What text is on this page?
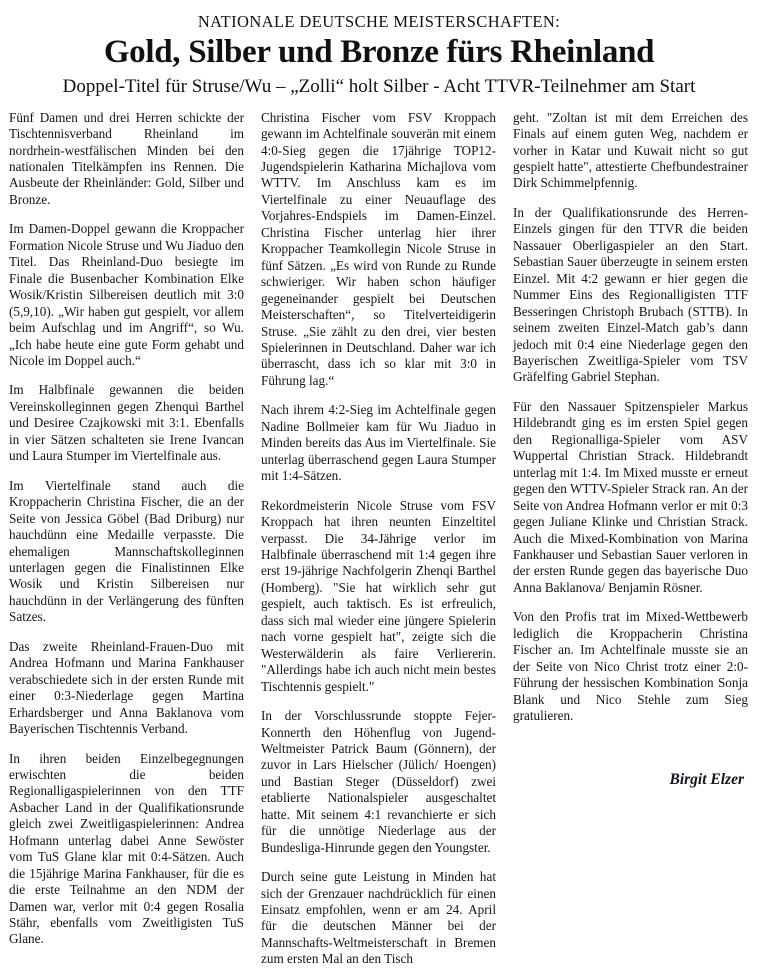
NATIONALE DEUTSCHE MEISTERSCHAFTEN:
Gold, Silber und Bronze fürs Rheinland
Doppel-Titel für Struse/Wu – „Zolli“ holt Silber - Acht TTVR-Teilnehmer am Start

Fünf Damen und drei Herren schickte der Tischtennisverband Rheinland im nordrhein-westfälischen Minden bei den nationalen Titelkämpfen ins Rennen. Die Ausbeute der Rheinländer: Gold, Silber und Bronze.

Im Damen-Doppel gewann die Kroppacher Formation Nicole Struse und Wu Jiaduo den Titel. Das Rheinland-Duo besiegte im Finale die Busenbacher Kombination Elke Wosik/Kristin Silbereisen deutlich mit 3:0 (5,9,10). „Wir haben gut gespielt, vor allem beim Aufschlag und im Angriff“, so Wu. „Ich habe heute eine gute Form gehabt und Nicole im Doppel auch.“

Im Halbfinale gewannen die beiden Vereinskolleginnen gegen Zhenqui Barthel und Desiree Czajkowski mit 3:1. Ebenfalls in vier Sätzen schalteten sie Irene Ivancan und Laura Stumper im Viertelfinale aus.

Im Viertelfinale stand auch die Kroppacherin Christina Fischer, die an der Seite von Jessica Göbel (Bad Driburg) nur hauchdünn eine Medaille verpasste. Die ehemaligen Mannschaftskolleginnen unterlagen gegen die Finalistinnen Elke Wosik und Kristin Silbereisen nur hauchdünn in der Verlängerung des fünften Satzes.

Das zweite Rheinland-Frauen-Duo mit Andrea Hofmann und Marina Fankhauser verabschiedete sich in der ersten Runde mit einer 0:3-Niederlage gegen Martina Erhardsberger und Anna Baklanova vom Bayerischen Tischtennis Verband.

In ihren beiden Einzelbegegnungen erwischten die beiden Regionalligaspielerinnen von den TTF Asbacher Land in der Qualifikationsrunde gleich zwei Zweitligaspielerinnen: Andrea Hofmann unterlag dabei Anne Sewöster vom TuS Glane klar mit 0:4-Sätzen. Auch die 15jährige Marina Fankhauser, für die es die erste Teilnahme an den NDM der Damen war, verlor mit 0:4 gegen Rosalia Stähr, ebenfalls vom Zweitligisten TuS Glane.

Christina Fischer vom FSV Kroppach gewann im Achtelfinale souverän mit einem 4:0-Sieg gegen die 17jährige TOP12-Jugendspielerin Katharina Michajlova vom WTTV. Im Anschluss kam es im Viertelfinale zu einer Neuauflage des Vorjahres-Endspiels im Damen-Einzel. Christina Fischer unterlag hier ihrer Kroppacher Teamkollegin Nicole Struse in fünf Sätzen. „Es wird von Runde zu Runde schwieriger. Wir haben schon häufiger gegeneinander gespielt bei Deutschen Meisterschaften“, so Titelverteidigerin Struse. „Sie zählt zu den drei, vier besten Spielerinnen in Deutschland. Daher war ich überrascht, dass ich so klar mit 3:0 in Führung lag.“

Nach ihrem 4:2-Sieg im Achtelfinale gegen Nadine Bollmeier kam für Wu Jiaduo in Minden bereits das Aus im Viertelfinale. Sie unterlag überraschend gegen Laura Stumper mit 1:4-Sätzen.

Rekordmeisterin Nicole Struse vom FSV Kroppach hat ihren neunten Einzeltitel verpasst. Die 34-Jährige verlor im Halbfinale überraschend mit 1:4 gegen ihre erst 19-jährige Nachfolgerin Zhenqi Barthel (Homberg). "Sie hat wirklich sehr gut gespielt, auch taktisch. Es ist erfreulich, dass sich mal wieder eine jüngere Spielerin nach vorne gespielt hat", zeigte sich die Westerwälderin als faire Verliererin. "Allerdings habe ich auch nicht mein bestes Tischtennis gespielt."

In der Vorschlussrunde stoppte Fejer-Konnerth den Höhenflug von Jugend-Weltmeister Patrick Baum (Gönnern), der zuvor in Lars Hielscher (Jülich/ Hoengen) und Bastian Steger (Düsseldorf) zwei etablierte Nationalspieler ausgeschaltet hatte. Mit seinem 4:1 revanchierte er sich für die unnötige Niederlage aus der Bundesliga-Hinrunde gegen den Youngster.

Durch seine gute Leistung in Minden hat sich der Grenzauer nachdrücklich für einen Einsatz empfohlen, wenn er am 24. April für die deutschen Männer bei der Mannschafts-Weltmeisterschaft in Bremen zum ersten Mal an den Tisch

geht. "Zoltan ist mit dem Erreichen des Finals auf einem guten Weg, nachdem er vorher in Katar und Kuwait nicht so gut gespielt hatte", attestierte Chefbundestrainer Dirk Schimmelpfennig.

In der Qualifikationsrunde des Herren-Einzels gingen für den TTVR die beiden Nassauer Oberligaspieler an den Start. Sebastian Sauer überzeugte in seinem ersten Einzel. Mit 4:2 gewann er hier gegen die Nummer Eins des Regionalligisten TTF Besseringen Christoph Brubach (STTB). In seinem zweiten Einzel-Match gab’s dann jedoch mit 0:4 eine Niederlage gegen den Bayerischen Zweitliga-Spieler vom TSV Gräfelfing Gabriel Stephan.

Für den Nassauer Spitzenspieler Markus Hildebrandt ging es im ersten Spiel gegen den Regionalliga-Spieler vom ASV Wuppertal Christian Strack. Hildebrandt unterlag mit 1:4. Im Mixed musste er erneut gegen den WTTV-Spieler Strack ran. An der Seite von Andrea Hofmann verlor er mit 0:3 gegen Juliane Klinke und Christian Strack. Auch die Mixed-Kombination von Marina Fankhauser und Sebastian Sauer verloren in der ersten Runde gegen das bayerische Duo Anna Baklanova/ Benjamin Rösner.

Von den Profis trat im Mixed-Wettbewerb lediglich die Kroppacherin Christina Fischer an. Im Achtelfinale musste sie an der Seite von Nico Christ trotz einer 2:0-Führung der hessischen Kombination Sonja Blank und Nico Stehle zum Sieg gratulieren.

Birgit Elzer
